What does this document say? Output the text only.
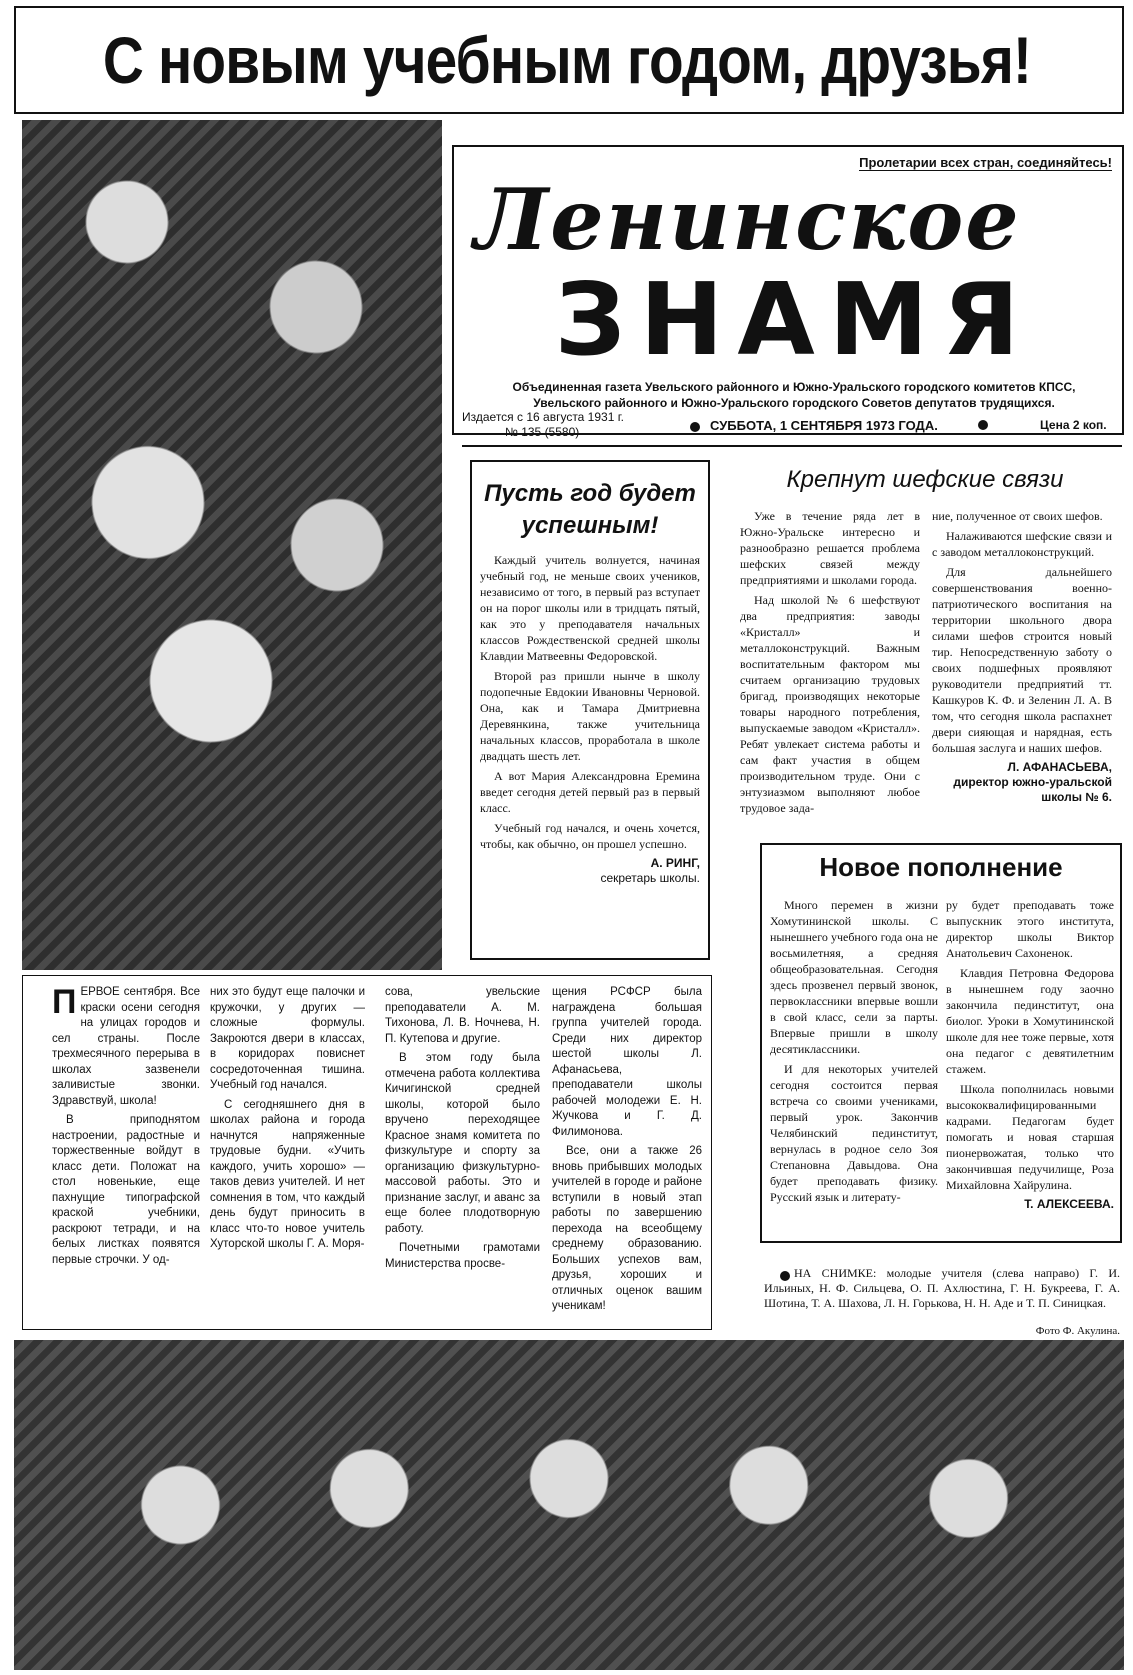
С новым учебным годом, друзья!
Пролетарии всех стран, соединяйтесь!
Ленинское
ЗНАМЯ
Объединенная газета Увельского районного и Южно-Уральского городского комитетов КПСС,
Увельского районного и Южно-Уральского городского Советов депутатов трудящихся.
Издается с 16 августа 1931 г.
№ 135 (5580)	СУББОТА, 1 СЕНТЯБРЯ 1973 ГОДА.	Цена 2 коп.
Пусть год будет
успешным!

Каждый учитель волнуется, начиная учебный год, не меньше своих учеников, независимо от того, в первый раз вступает он на порог школы или в тридцать пятый, как это у преподавателя начальных классов Рождественской средней школы Клавдии Матвеевны Федоровской.

Второй раз пришли нынче в школу подопечные Евдокии Ивановны Черновой. Она, как и Тамара Дмитриевна Деревянкина, также учительница начальных классов, проработала в школе двадцать шесть лет.

А вот Мария Александровна Еремина введет сегодня детей первый раз в первый класс.

Учебный год начался, и очень хочется, чтобы, как обычно, он прошел успешно.

А. РИНГ,
секретарь школы.
Крепнут шефские связи

Уже в течение ряда лет в Южно-Уральске интересно и разнообразно решается проблема шефских связей между предприятиями и школами города.

Над школой № 6 шефствуют два предприятия: заводы «Кристалл» и металлоконструкций. Важным воспитательным фактором мы считаем организацию трудовых бригад, производящих некоторые товары народного потребления, выпускаемые заводом «Кристалл». Ребят увлекает система работы и сам факт участия в общем производительном труде. Они с энтузиазмом выполняют любое трудовое зада-

ние, полученное от своих шефов.

Налаживаются шефские связи и с заводом металлоконструкций.

Для дальнейшего совершенствования военно-патриотического воспитания на территории школьного двора силами шефов строится новый тир. Непосредственную заботу о своих подшефных проявляют руководители предприятий тт. Кашкуров К. Ф. и Зеленин Л. А. В том, что сегодня школа распахнет двери сияющая и нарядная, есть большая заслуга и наших шефов.

Л. АФАНАСЬЕВА,
директор южно-уральской школы № 6.
Новое пополнение

Много перемен в жизни Хомутининской школы. С нынешнего учебного года она не восьмилетняя, а средняя общеобразовательная. Сегодня здесь прозвенел первый звонок, первоклассники впервые вошли в свой класс, сели за парты. Впервые пришли в школу десятиклассники.

И для некоторых учителей сегодня состоится первая встреча со своими учениками, первый урок. Закончив Челябинский пединститут, вернулась в родное село Зоя Степановна Давыдова. Она будет преподавать физику. Русский язык и литерату-

ру будет преподавать тоже выпускник этого института, директор школы Виктор Анатольевич Сахоненок.

Клавдия Петровна Федорова в нынешнем году заочно закончила пединститут, она биолог. Уроки в Хомутининской школе для нее тоже первые, хотя она педагог с девятилетним стажем.

Школа пополнилась новыми высококвалифицированными кадрами. Педагогам будет помогать и новая старшая пионервожатая, только что закончившая педучилище, Роза Михайловна Хайрулина.

Т. АЛЕКСЕЕВА.
П ЕРВОЕ сентября. Все краски осени сегодня на улицах городов и сел страны. После трехмесячного перерыва в школах зазвенели заливистые звонки. Здравствуй, школа!

В приподнятом настроении, радостные и торжественные войдут в класс дети. Положат на стол новенькие, еще пахнущие типографской краской учебники, раскроют тетради, и на белых листках появятся первые строчки. У од-

них это будут еще палочки и кружочки, у других — сложные формулы. Закроются двери в классах, в коридорах повиснет сосредоточенная тишина. Учебный год начался.

С сегодняшнего дня в школах района и города начнутся напряженные трудовые будни. «Учить каждого, учить хорошо» — таков девиз учителей. И нет сомнения в том, что каждый день будут приносить в класс что-то новое учитель Хуторской школы Г. А. Моря-

сова, увельские преподаватели А. М. Тихонова, Л. В. Ночнева, Н. П. Кутепова и другие.

В этом году была отмечена работа коллектива Кичигинской средней школы, которой было вручено переходящее Красное знамя комитета по физкультуре и спорту за организацию физкультурно-массовой работы. Это и признание заслуг, и аванс за еще более плодотворную работу.

Почетными грамотами Министерства просве-

щения РСФСР была награждена большая группа учителей города. Среди них директор шестой школы Л. Афанасьева, преподаватели школы рабочей молодежи Е. Н. Жучкова и Г. Д. Филимонова.

Все, они а также 26 вновь прибывших молодых учителей в городе и районе вступили в новый этап работы по завершению перехода на всеобщему среднему образованию. Больших успехов вам, друзья, хороших и отличных оценок вашим ученикам!

НА СНИМКЕ: молодые учителя (слева направо) Г. И. Ильиных, Н. Ф. Сильцева, О. П. Ахлюстина, Г. Н. Букреева, Г. А. Шотина, Т. А. Шахова, Л. Н. Горькова, Н. Н. Аде и Т. П. Синицкая.
Фото Ф. Акулина.
